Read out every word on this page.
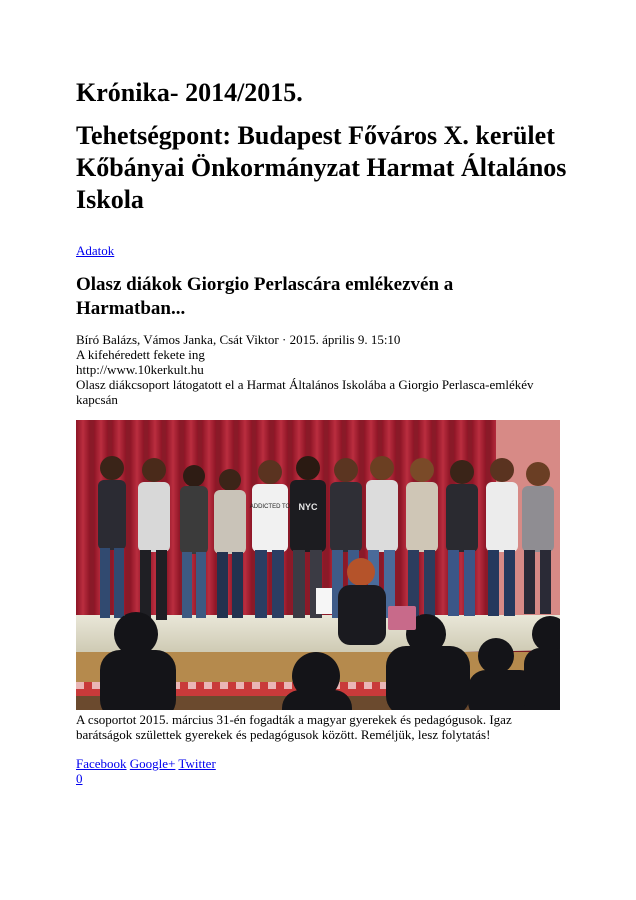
Krónika- 2014/2015.
Tehetségpont: Budapest Főváros X. kerület Kőbányai Önkormányzat Harmat Általános Iskola
Adatok
Olasz diákok Giorgio Perlascára emlékezvén a Harmatban...
Bíró Balázs, Vámos Janka, Csát Viktor · 2015. április 9. 15:10
A kifehéredett fekete ing
http://www.10kerkult.hu
Olasz diákcsoport látogatott el a Harmat Általános Iskolába a Giorgio Perlasca-emlékév kapcsán
ADDICTED TO NYC
A csoportot 2015. március 31-én fogadták a magyar gyerekek és pedagógusok. Igaz barátságok születtek gyerekek és pedagógusok között. Reméljük, lesz folytatás!
Facebook Google+ Twitter
0
